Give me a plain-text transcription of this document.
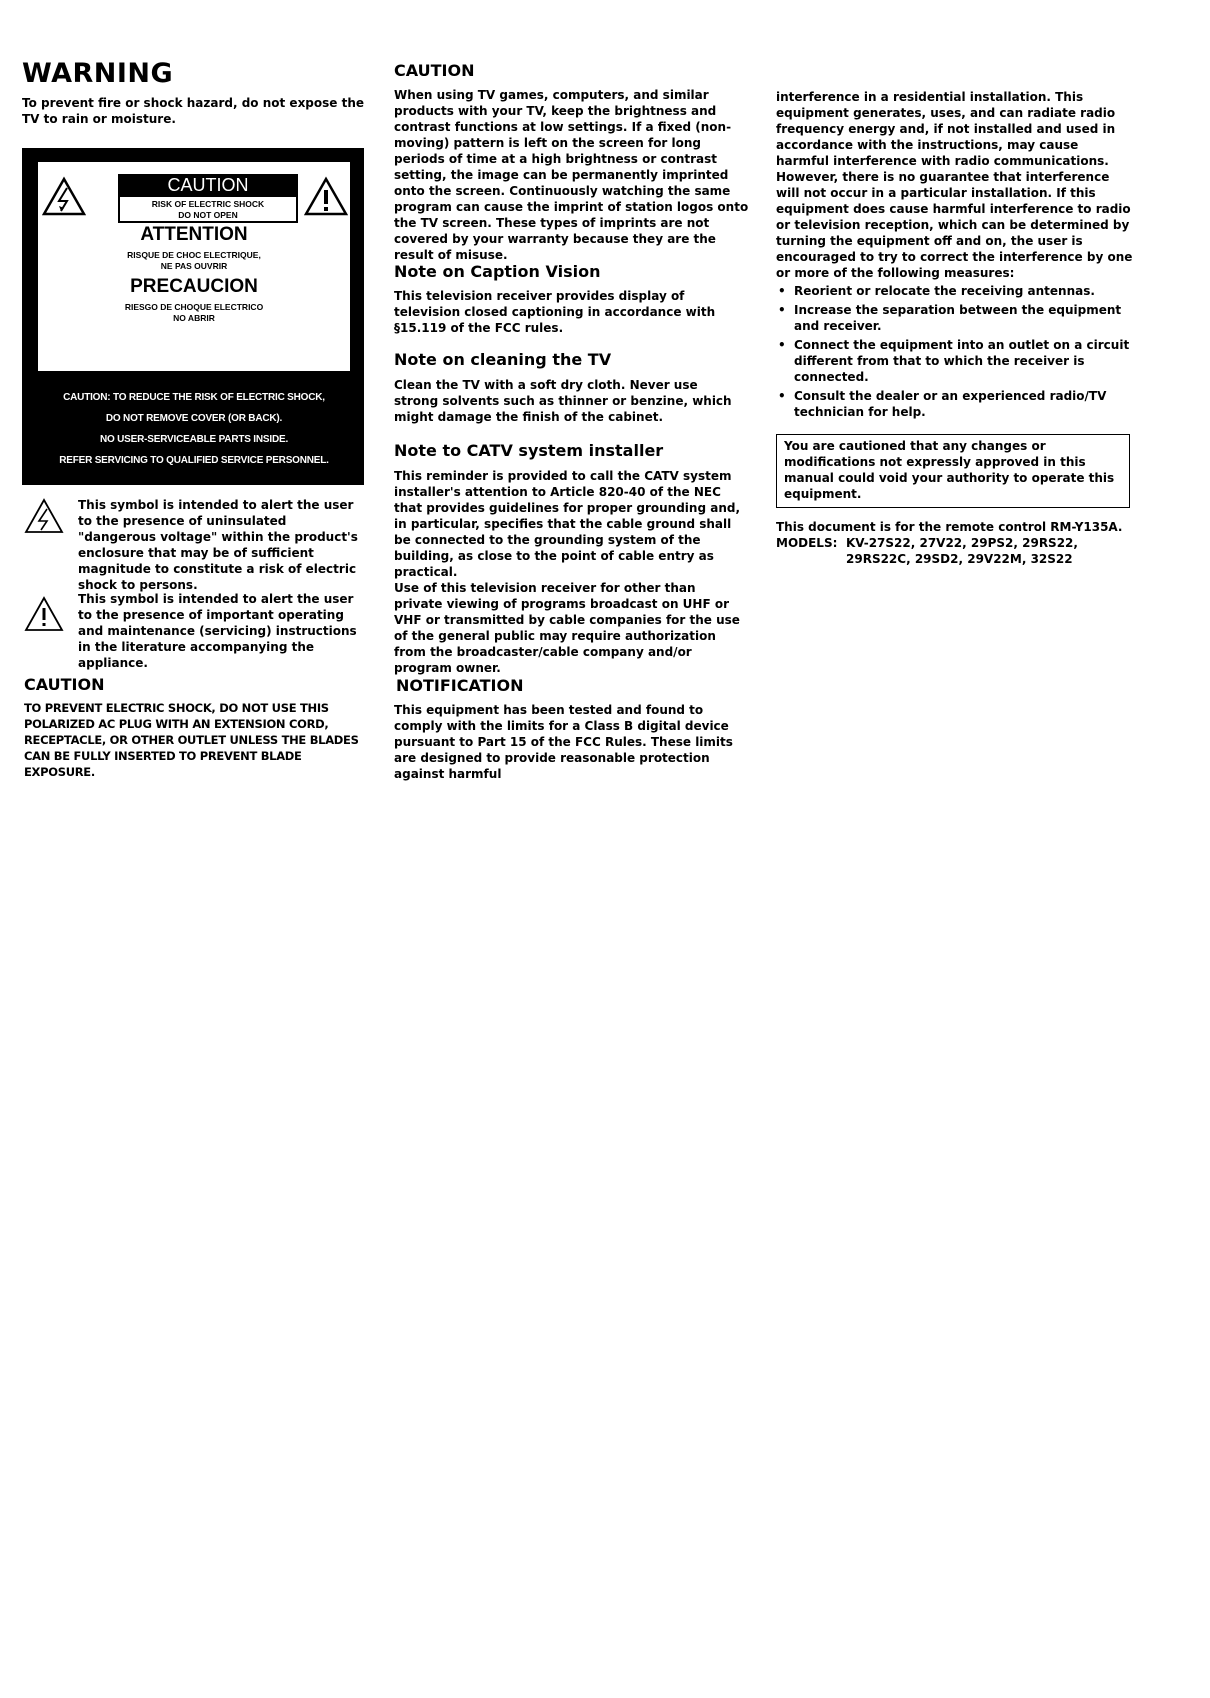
WARNING

To prevent fire or shock hazard, do not expose the TV to rain or moisture.

CAUTION
RISK OF ELECTRIC SHOCK
DO NOT OPEN
ATTENTION
RISQUE DE CHOC ELECTRIQUE,
NE PAS OUVRIR
PRECAUCION
RIESGO DE CHOQUE ELECTRICO
NO ABRIR
CAUTION: TO REDUCE THE RISK OF ELECTRIC SHOCK,
DO NOT REMOVE COVER (OR BACK).
NO USER-SERVICEABLE PARTS INSIDE.
REFER SERVICING TO QUALIFIED SERVICE PERSONNEL.

This symbol is intended to alert the user to the presence of uninsulated "dangerous voltage" within the product's enclosure that may be of sufficient magnitude to constitute a risk of electric shock to persons.

This symbol is intended to alert the user to the presence of important operating and maintenance (servicing) instructions in the literature accompanying the appliance.

CAUTION

TO PREVENT ELECTRIC SHOCK, DO NOT USE THIS POLARIZED AC PLUG WITH AN EXTENSION CORD, RECEPTACLE, OR OTHER OUTLET UNLESS THE BLADES CAN BE FULLY INSERTED TO PREVENT BLADE EXPOSURE.

CAUTION

When using TV games, computers, and similar products with your TV, keep the brightness and contrast functions at low settings. If a fixed (non-moving) pattern is left on the screen for long periods of time at a high brightness or contrast setting, the image can be permanently imprinted onto the screen. Continuously watching the same program can cause the imprint of station logos onto the TV screen. These types of imprints are not covered by your warranty because they are the result of misuse.

Note on Caption Vision

This television receiver provides display of television closed captioning in accordance with §15.119 of the FCC rules.

Note on cleaning the TV

Clean the TV with a soft dry cloth. Never use strong solvents such as thinner or benzine, which might damage the finish of the cabinet.

Note to CATV system installer

This reminder is provided to call the CATV system installer's attention to Article 820-40 of the NEC that provides guidelines for proper grounding and, in particular, specifies that the cable ground shall be connected to the grounding system of the building, as close to the point of cable entry as practical.

Use of this television receiver for other than private viewing of programs broadcast on UHF or VHF or transmitted by cable companies for the use of the general public may require authorization from the broadcaster/cable company and/or program owner.

NOTIFICATION

This equipment has been tested and found to comply with the limits for a Class B digital device pursuant to Part 15 of the FCC Rules. These limits are designed to provide reasonable protection against harmful

interference in a residential installation. This equipment generates, uses, and can radiate radio frequency energy and, if not installed and used in accordance with the instructions, may cause harmful interference with radio communications. However, there is no guarantee that interference will not occur in a particular installation. If this equipment does cause harmful interference to radio or television reception, which can be determined by turning the equipment off and on, the user is encouraged to try to correct the interference by one or more of the following measures:

• Reorient or relocate the receiving antennas.
• Increase the separation between the equipment and receiver.
• Connect the equipment into an outlet on a circuit different from that to which the receiver is connected.
• Consult the dealer or an experienced radio/TV technician for help.

You are cautioned that any changes or modifications not expressly approved in this manual could void your authority to operate this equipment.

This document is for the remote control RM-Y135A.

MODELS: KV-27S22, 27V22, 29PS2, 29RS22, 29RS22C, 29SD2, 29V22M, 32S22
